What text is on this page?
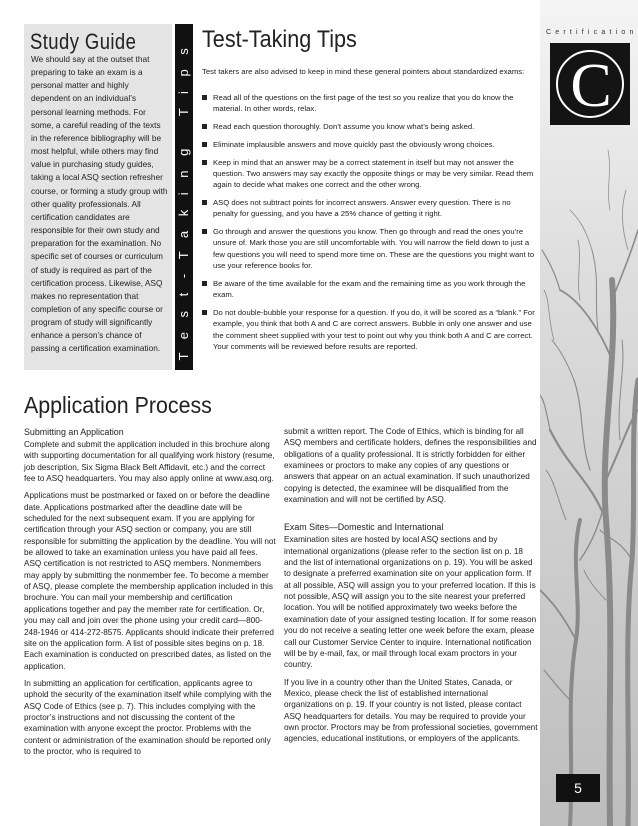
Certification
C
5
Study Guide
We should say at the outset that preparing to take an exam is a personal matter and highly dependent on an individual’s personal learning methods. For some, a careful reading of the texts in the reference bibliography will be most helpful, while others may find value in purchasing study guides, taking a local ASQ section refresher course, or forming a study group with other quality professionals. All certification candidates are responsible for their own study and preparation for the examination. No specific set of courses or curriculum of study is required as part of the certification process. Likewise, ASQ makes no representation that completion of any specific course or program of study will significantly enhance a person’s chance of passing a certification examination.	Test-Taking Tips Test-Taking Tips
Test takers are also advised to keep in mind these general pointers about standardized exams:
Read all of the questions on the first page of the test so you realize that you do know the material. In other words, relax.
Read each question thoroughly. Don’t assume you know what’s being asked.
Eliminate implausible answers and move quickly past the obviously wrong choices.
Keep in mind that an answer may be a correct statement in itself but may not answer the question. Two answers may say exactly the opposite things or may be very similar. Read them again to decide what makes one correct and the other wrong.
ASQ does not subtract points for incorrect answers. Answer every question. There is no penalty for guessing, and you have a 25% chance of getting it right.
Go through and answer the questions you know. Then go through and read the ones you’re unsure of. Mark those you are still uncomfortable with. You will narrow the field down to just a few questions you will need to spend more time on. These are the questions you might want to use your reference books for.
Be aware of the time available for the exam and the remaining time as you work through the exam.
Do not double-bubble your response for a question. If you do, it will be scored as a “blank.” For example, you think that both A and C are correct answers. Bubble in only one answer and use the comment sheet supplied with your test to point out why you think both A and C are correct. Your comments will be reviewed before results are reported.
Application Process
Submitting an Application

Complete and submit the application included in this brochure along with supporting documentation for all qualifying work history (resume, job description, Six Sigma Black Belt Affidavit, etc.) and the correct fee to ASQ headquarters. You may also apply online at www.asq.org.

Applications must be postmarked or faxed on or before the deadline date. Applications postmarked after the deadline date will be scheduled for the next subsequent exam. If you are applying for certification through your ASQ section or company, you are still responsible for submitting the application by the deadline. You will not be allowed to take an examination unless you have paid all fees. ASQ certification is not restricted to ASQ members. Nonmembers may apply by submitting the nonmember fee. To become a member of ASQ, please complete the membership application included in this brochure. You can mail your membership and certification applications together and pay the member rate for certification. Or, you may call and join over the phone using your credit card—800-248-1946 or 414-272-8575. Applicants should indicate their preferred site on the application form. A list of possible sites begins on p. 18. Each examination is conducted on prescribed dates, as listed on the application.

In submitting an application for certification, applicants agree to uphold the security of the examination itself while complying with the ASQ Code of Ethics (see p. 7). This includes complying with the proctor’s instructions and not discussing the content of the examination with anyone except the proctor. Problems with the content or administration of the examination should be reported only to the proctor, who is required to

submit a written report. The Code of Ethics, which is binding for all ASQ members and certificate holders, defines the responsibilities and obligations of a quality professional. It is strictly forbidden for either examinees or proctors to make any copies of any questions or answers that appear on an actual examination. If such unauthorized copying is detected, the examinee will be disqualified from the examination and will not be certified by ASQ.

Exam Sites—Domestic and International

Examination sites are hosted by local ASQ sections and by international organizations (please refer to the section list on p. 18 and the list of international organizations on p. 19). You will be asked to designate a preferred examination site on your application form. If at all possible, ASQ will assign you to your preferred location. If this is not possible, ASQ will assign you to the site nearest your preferred location. You will be notified approximately two weeks before the examination date of your assigned testing location. If for some reason you do not receive a seating letter one week before the exam, please call our Customer Service Center to inquire. International notification will be by e-mail, fax, or mail through local exam proctors in your country.

If you live in a country other than the United States, Canada, or Mexico, please check the list of established international organizations on p. 19. If your country is not listed, please contact ASQ headquarters for details. You may be required to provide your own proctor. Proctors may be from professional societies, government agencies, educational institutions, or employers of the applicants.
